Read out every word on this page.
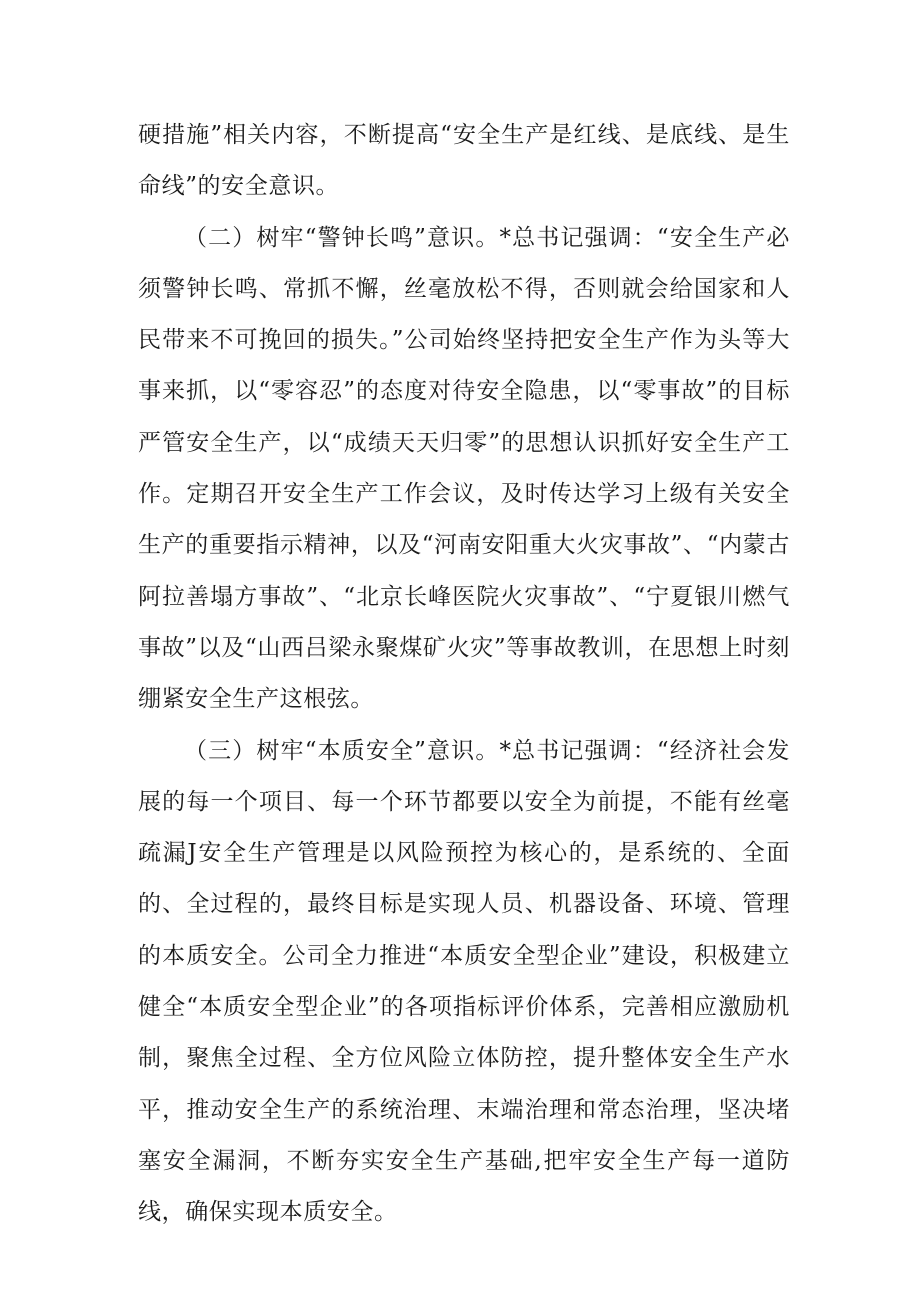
硬措施”相关内容，不断提高“安全生产是红线、是底线、是生命线”的安全意识。

（二）树牢“警钟长鸣”意识。*总书记强调：“安全生产必须警钟长鸣、常抓不懈，丝毫放松不得，否则就会给国家和人民带来不可挽回的损失。”公司始终坚持把安全生产作为头等大事来抓，以“零容忍”的态度对待安全隐患，以“零事故”的目标严管安全生产，以“成绩天天归零”的思想认识抓好安全生产工作。定期召开安全生产工作会议，及时传达学习上级有关安全生产的重要指示精神，以及“河南安阳重大火灾事故”、“内蒙古阿拉善塌方事故”、“北京长峰医院火灾事故”、“宁夏银川燃气事故”以及“山西吕梁永聚煤矿火灾”等事故教训，在思想上时刻绷紧安全生产这根弦。

（三）树牢“本质安全”意识。*总书记强调：“经济社会发展的每一个项目、每一个环节都要以安全为前提，不能有丝毫疏漏J安全生产管理是以风险预控为核心的，是系统的、全面的、全过程的，最终目标是实现人员、机器设备、环境、管理的本质安全。公司全力推进“本质安全型企业”建设，积极建立健全“本质安全型企业”的各项指标评价体系，完善相应激励机制，聚焦全过程、全方位风险立体防控，提升整体安全生产水平，推动安全生产的系统治理、末端治理和常态治理，坚决堵塞安全漏洞，不断夯实安全生产基础,把牢安全生产每一道防线，确保实现本质安全。
